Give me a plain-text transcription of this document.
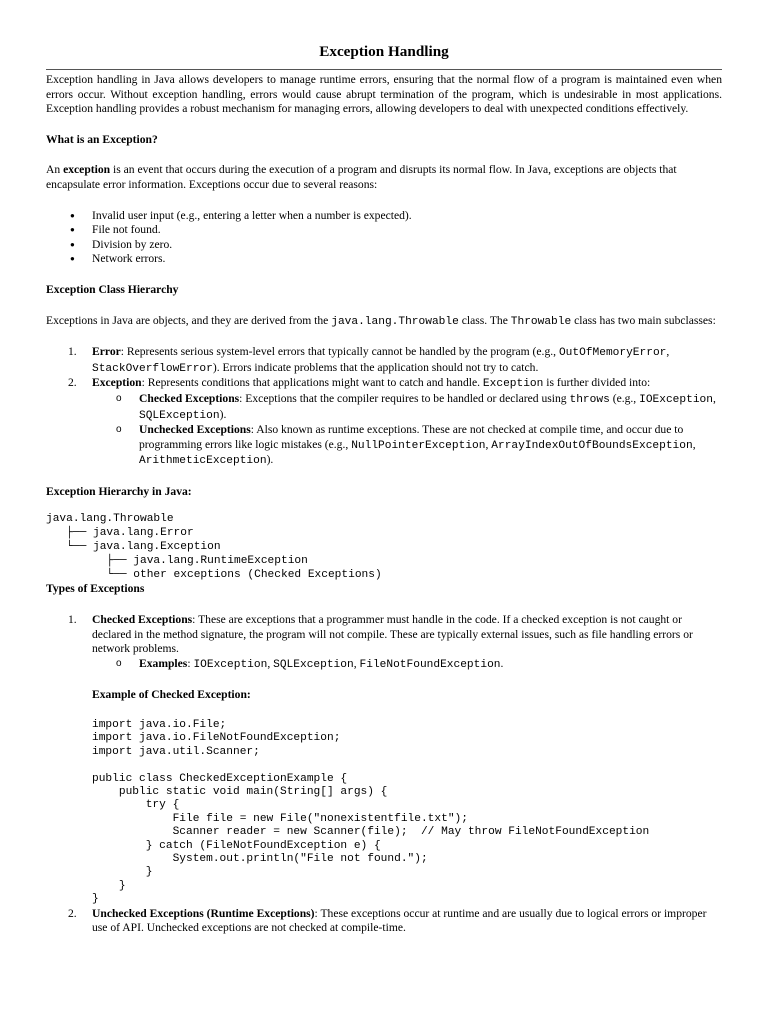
Exception Handling

Exception handling in Java allows developers to manage runtime errors, ensuring that the normal flow of a program is maintained even when errors occur. Without exception handling, errors would cause abrupt termination of the program, which is undesirable in most applications. Exception handling provides a robust mechanism for managing errors, allowing developers to deal with unexpected conditions effectively.

What is an Exception?

An exception is an event that occurs during the execution of a program and disrupts its normal flow. In Java, exceptions are objects that encapsulate error information. Exceptions occur due to several reasons:

● Invalid user input (e.g., entering a letter when a number is expected).
● File not found.
● Division by zero.
● Network errors.

Exception Class Hierarchy

Exceptions in Java are objects, and they are derived from the java.lang.Throwable class. The Throwable class has two main subclasses:

1. Error: Represents serious system-level errors that typically cannot be handled by the program (e.g., OutOfMemoryError, StackOverflowError). Errors indicate problems that the application should not try to catch.
2. Exception: Represents conditions that applications might want to catch and handle. Exception is further divided into:
o Checked Exceptions: Exceptions that the compiler requires to be handled or declared using throws (e.g., IOException, SQLException).
o Unchecked Exceptions: Also known as runtime exceptions. These are not checked at compile time, and occur due to programming errors like logic mistakes (e.g., NullPointerException, ArrayIndexOutOfBoundsException, ArithmeticException).

Exception Hierarchy in Java:

java.lang.Throwable
├── java.lang.Error
└── java.lang.Exception
├── java.lang.RuntimeException
└── other exceptions (Checked Exceptions)

Types of Exceptions

1. Checked Exceptions: These are exceptions that a programmer must handle in the code. If a checked exception is not caught or declared in the method signature, the program will not compile. These are typically external issues, such as file handling errors or network problems.
o Examples: IOException, SQLException, FileNotFoundException.

Example of Checked Exception:

import java.io.File;
import java.io.FileNotFoundException;
import java.util.Scanner;

public class CheckedExceptionExample {
public static void main(String[] args) {
try {
File file = new File("nonexistentfile.txt");
Scanner reader = new Scanner(file);  // May throw FileNotFoundException
} catch (FileNotFoundException e) {
System.out.println("File not found.");
}
}
}
2. Unchecked Exceptions (Runtime Exceptions): These exceptions occur at runtime and are usually due to logical errors or improper use of API. Unchecked exceptions are not checked at compile-time.
